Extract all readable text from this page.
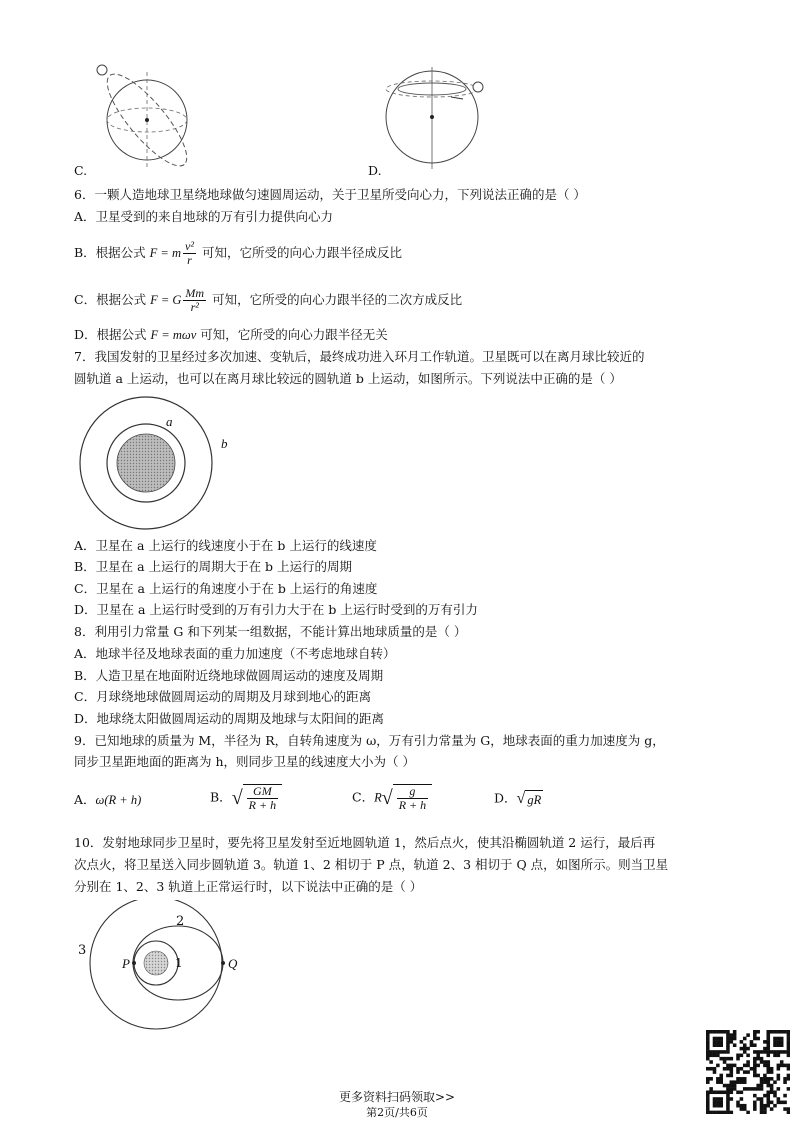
C.	D.
6．一颗人造地球卫星绕地球做匀速圆周运动，关于卫星所受向心力，下列说法正确的是（ ）
A．卫星受到的来自地球的万有引力提供向心力
B．根据公式 F = m $\frac{\text{v²}}{r}$ 可知，它所受的向心力跟半径成反比
C．根据公式 F = G $\frac{Mm}{\text{r²}}$ 可知，它所受的向心力跟半径的二次方成反比
D．根据公式 F = mωv 可知，它所受的向心力跟半径无关
7．我国发射的卫星经过多次加速、变轨后，最终成功进入环月工作轨道。卫星既可以在离月球比较近的
圆轨道 a 上运动，也可以在离月球比较远的圆轨道 b 上运动，如图所示。下列说法中正确的是（ ）
a
b
A．卫星在 a 上运行的线速度小于在 b 上运行的线速度
B．卫星在 a 上运行的周期大于在 b 上运行的周期
C．卫星在 a 上运行的角速度小于在 b 上运行的角速度
D．卫星在 a 上运行时受到的万有引力大于在 b 上运行时受到的万有引力
8．利用引力常量 G 和下列某一组数据，不能计算出地球质量的是（ ）
A．地球半径及地球表面的重力加速度（不考虑地球自转）
B．人造卫星在地面附近绕地球做圆周运动的速度及周期
C．月球绕地球做圆周运动的周期及月球到地心的距离
D．地球绕太阳做圆周运动的周期及地球与太阳间的距离
9．已知地球的质量为 M，半径为 R，自转角速度为 ω，万有引力常量为 G，地球表面的重力加速度为 g，
同步卫星距地面的距离为 h，则同步卫星的线速度大小为（ ）
A．ω(R + h)	B．√ $\frac{GM}{R + h}$	C．$R√ \frac{g}{R + h}$	D．√ gR
10．发射地球同步卫星时，要先将卫星发射至近地圆轨道 1，然后点火，使其沿椭圆轨道 2 运行，最后再
次点火，将卫星送入同步圆轨道 3。轨道 1、2 相切于 P 点，轨道 2、3 相切于 Q 点，如图所示。则当卫星
分别在 1、2、3 轨道上正常运行时，以下说法中正确的是（ ）
3
2
1
P	Q
更多资料扫码领取>>
第2页/共6页
